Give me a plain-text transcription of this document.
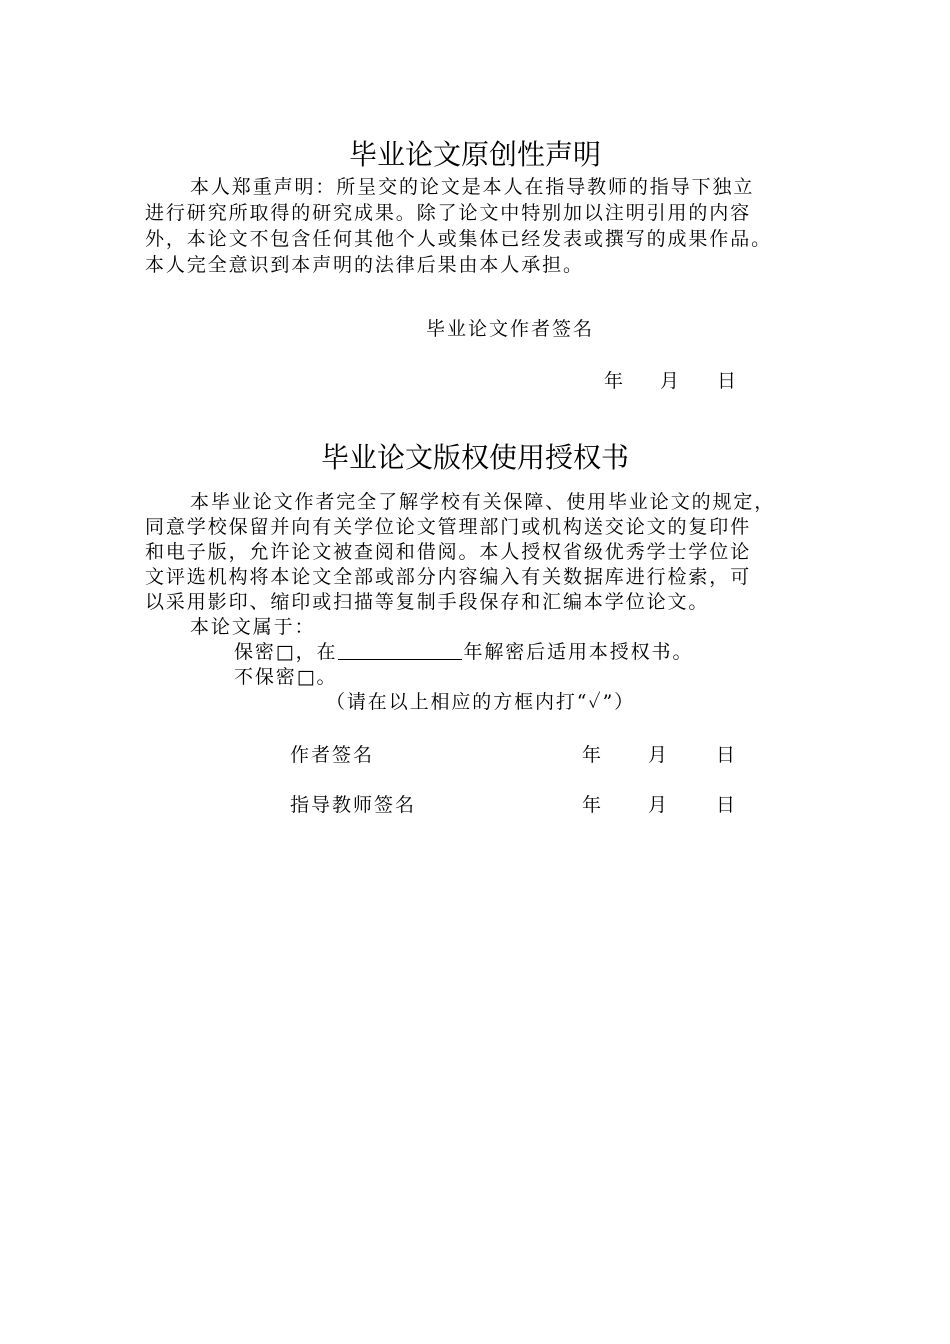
毕业论文原创性声明
本人郑重声明：所呈交的论文是本人在指导教师的指导下独立
进行研究所取得的研究成果。除了论文中特别加以注明引用的内容
外，本论文不包含任何其他个人或集体已经发表或撰写的成果作品。
本人完全意识到本声明的法律后果由本人承担。
毕业论文作者签名
年 月 日
毕业论文版权使用授权书
本毕业论文作者完全了解学校有关保障、使用毕业论文的规定，
同意学校保留并向有关学位论文管理部门或机构送交论文的复印件
和电子版，允许论文被查阅和借阅。本人授权省级优秀学士学位论
文评选机构将本论文全部或部分内容编入有关数据库进行检索，可
以采用影印、缩印或扫描等复制手段保存和汇编本学位论文。
本论文属于：
保密□，在	年解密后适用本授权书。
不保密□。
（请在以上相应的方框内打“✓”）
作者签名	年 月 日
指导教师签名	年 月 日
